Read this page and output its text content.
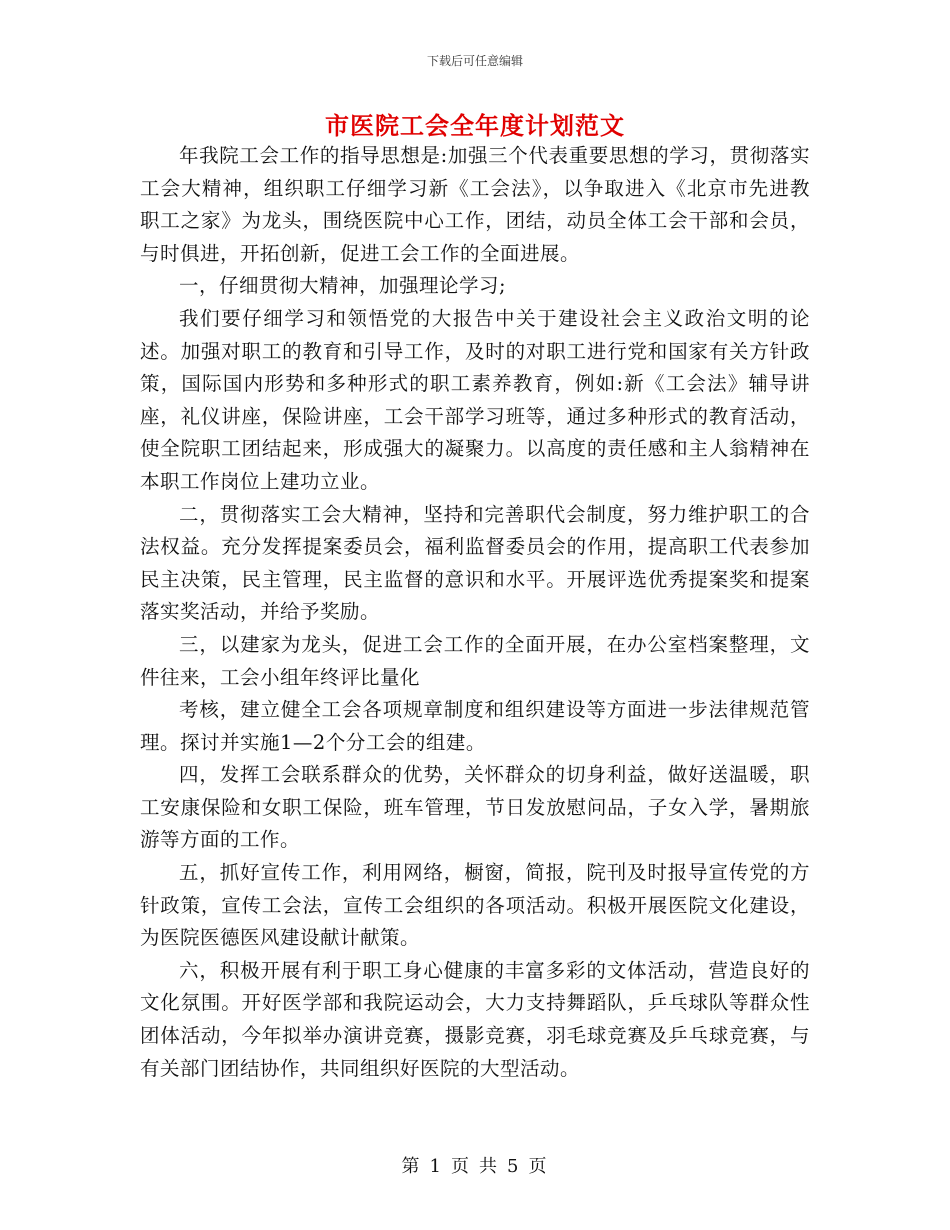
下载后可任意编辑
市医院工会全年度计划范文

年我院工会工作的指导思想是:加强三个代表重要思想的学习，贯彻落实工会大精神，组织职工仔细学习新《工会法》，以争取进入《北京市先进教职工之家》为龙头，围绕医院中心工作，团结，动员全体工会干部和会员，与时俱进，开拓创新，促进工会工作的全面进展。

一，仔细贯彻大精神，加强理论学习;

我们要仔细学习和领悟党的大报告中关于建设社会主义政治文明的论述。加强对职工的教育和引导工作，及时的对职工进行党和国家有关方针政策，国际国内形势和多种形式的职工素养教育，例如:新《工会法》辅导讲座，礼仪讲座，保险讲座，工会干部学习班等，通过多种形式的教育活动，使全院职工团结起来，形成强大的凝聚力。以高度的责任感和主人翁精神在本职工作岗位上建功立业。

二，贯彻落实工会大精神，坚持和完善职代会制度，努力维护职工的合法权益。充分发挥提案委员会，福利监督委员会的作用，提高职工代表参加民主决策，民主管理，民主监督的意识和水平。开展评选优秀提案奖和提案落实奖活动，并给予奖励。

三，以建家为龙头，促进工会工作的全面开展，在办公室档案整理，文件往来，工会小组年终评比量化

考核，建立健全工会各项规章制度和组织建设等方面进一步法律规范管理。探讨并实施1—2个分工会的组建。

四，发挥工会联系群众的优势，关怀群众的切身利益，做好送温暖，职工安康保险和女职工保险，班车管理，节日发放慰问品，子女入学，暑期旅游等方面的工作。

五，抓好宣传工作，利用网络，橱窗，简报，院刊及时报导宣传党的方针政策，宣传工会法，宣传工会组织的各项活动。积极开展医院文化建设，为医院医德医风建设献计献策。

六，积极开展有利于职工身心健康的丰富多彩的文体活动，营造良好的文化氛围。开好医学部和我院运动会，大力支持舞蹈队，乒乓球队等群众性团体活动，今年拟举办演讲竞赛，摄影竞赛，羽毛球竞赛及乒乓球竞赛，与有关部门团结协作，共同组织好医院的大型活动。

第 1 页 共 5 页
